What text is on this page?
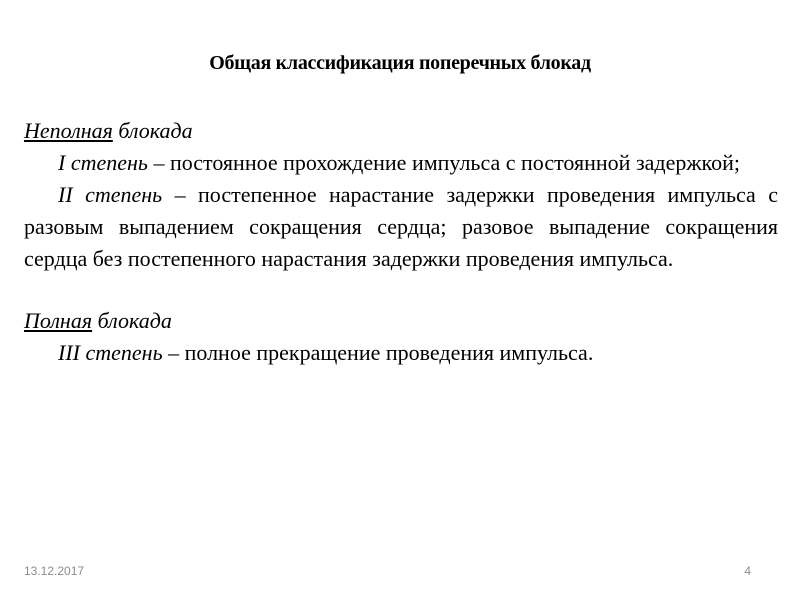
Общая классификация поперечных блокад

Неполная блокада

I степень – постоянное прохождение импульса с постоянной задержкой;

II степень – постепенное нарастание задержки проведения импульса с разовым выпадением сокращения сердца; разовое выпадение сокращения сердца без постепенного нарастания задержки проведения импульса.

Полная блокада

III степень – полное прекращение проведения импульса.

13.12.2017	4
